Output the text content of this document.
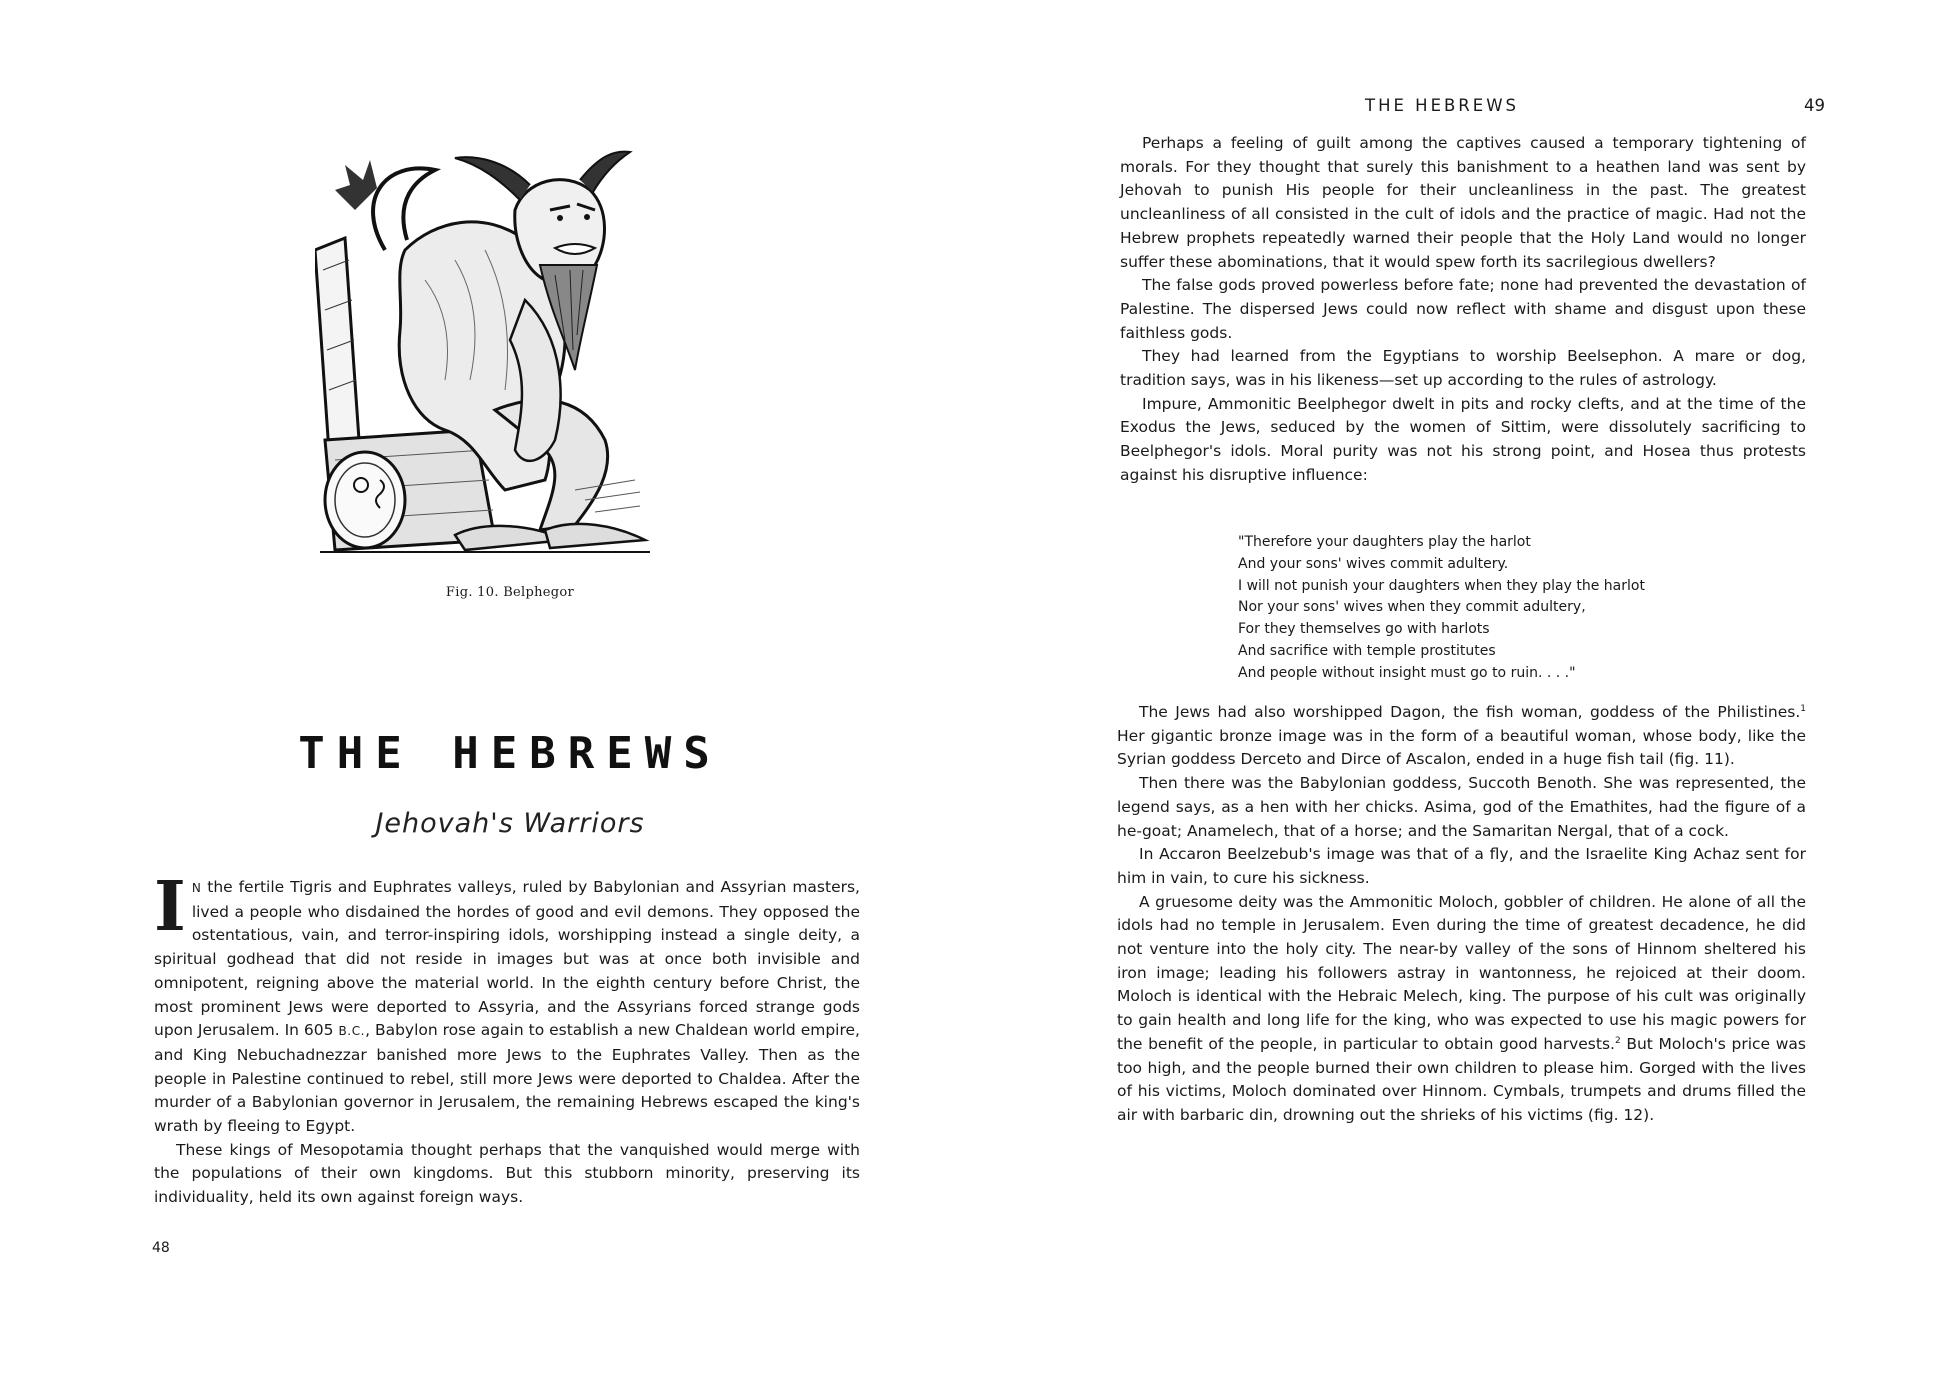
Fig. 10. Belphegor
THE HEBREWS
Jehovah's Warriors

I N the fertile Tigris and Euphrates valleys, ruled by Babylonian and Assyrian masters, lived a people who disdained the hordes of good and evil demons. They opposed the ostentatious, vain, and terror-inspiring idols, worshipping instead a single deity, a spiritual godhead that did not reside in images but was at once both invisible and omnipotent, reigning above the material world. In the eighth century before Christ, the most prominent Jews were deported to Assyria, and the Assyrians forced strange gods upon Jerusalem. In 605 B.C., Babylon rose again to establish a new Chaldean world empire, and King Nebuchadnezzar banished more Jews to the Euphrates Valley. Then as the people in Palestine continued to rebel, still more Jews were deported to Chaldea. After the murder of a Babylonian governor in Jerusalem, the remaining Hebrews escaped the king's wrath by fleeing to Egypt.

These kings of Mesopotamia thought perhaps that the vanquished would merge with the populations of their own kingdoms. But this stubborn minority, preserving its individuality, held its own against foreign ways.

48
THE HEBREWS	49

Perhaps a feeling of guilt among the captives caused a temporary tightening of morals. For they thought that surely this banishment to a heathen land was sent by Jehovah to punish His people for their uncleanliness in the past. The greatest uncleanliness of all consisted in the cult of idols and the practice of magic. Had not the Hebrew prophets repeatedly warned their people that the Holy Land would no longer suffer these abominations, that it would spew forth its sacrilegious dwellers?

The false gods proved powerless before fate; none had prevented the devastation of Palestine. The dispersed Jews could now reflect with shame and disgust upon these faithless gods.

They had learned from the Egyptians to worship Beelsephon. A mare or dog, tradition says, was in his likeness—set up according to the rules of astrology.

Impure, Ammonitic Beelphegor dwelt in pits and rocky clefts, and at the time of the Exodus the Jews, seduced by the women of Sittim, were dissolutely sacrificing to Beelphegor's idols. Moral purity was not his strong point, and Hosea thus protests against his disruptive influence:

"Therefore your daughters play the harlot
And your sons' wives commit adultery.
I will not punish your daughters when they play the harlot
Nor your sons' wives when they commit adultery,
For they themselves go with harlots
And sacrifice with temple prostitutes
And people without insight must go to ruin. . . ."

The Jews had also worshipped Dagon, the fish woman, goddess of the Philistines.$^1$ Her gigantic bronze image was in the form of a beautiful woman, whose body, like the Syrian goddess Derceto and Dirce of Ascalon, ended in a huge fish tail (fig. 11).

Then there was the Babylonian goddess, Succoth Benoth. She was represented, the legend says, as a hen with her chicks. Asima, god of the Emathites, had the figure of a he-goat; Anamelech, that of a horse; and the Samaritan Nergal, that of a cock.

In Accaron Beelzebub's image was that of a fly, and the Israelite King Achaz sent for him in vain, to cure his sickness.

A gruesome deity was the Ammonitic Moloch, gobbler of children. He alone of all the idols had no temple in Jerusalem. Even during the time of greatest decadence, he did not venture into the holy city. The near-by valley of the sons of Hinnom sheltered his iron image; leading his followers astray in wantonness, he rejoiced at their doom. Moloch is identical with the Hebraic Melech, king. The purpose of his cult was originally to gain health and long life for the king, who was expected to use his magic powers for the benefit of the people, in particular to obtain good harvests.$^2$ But Moloch's price was too high, and the people burned their own children to please him. Gorged with the lives of his victims, Moloch dominated over Hinnom. Cymbals, trumpets and drums filled the air with barbaric din, drowning out the shrieks of his victims (fig. 12).
